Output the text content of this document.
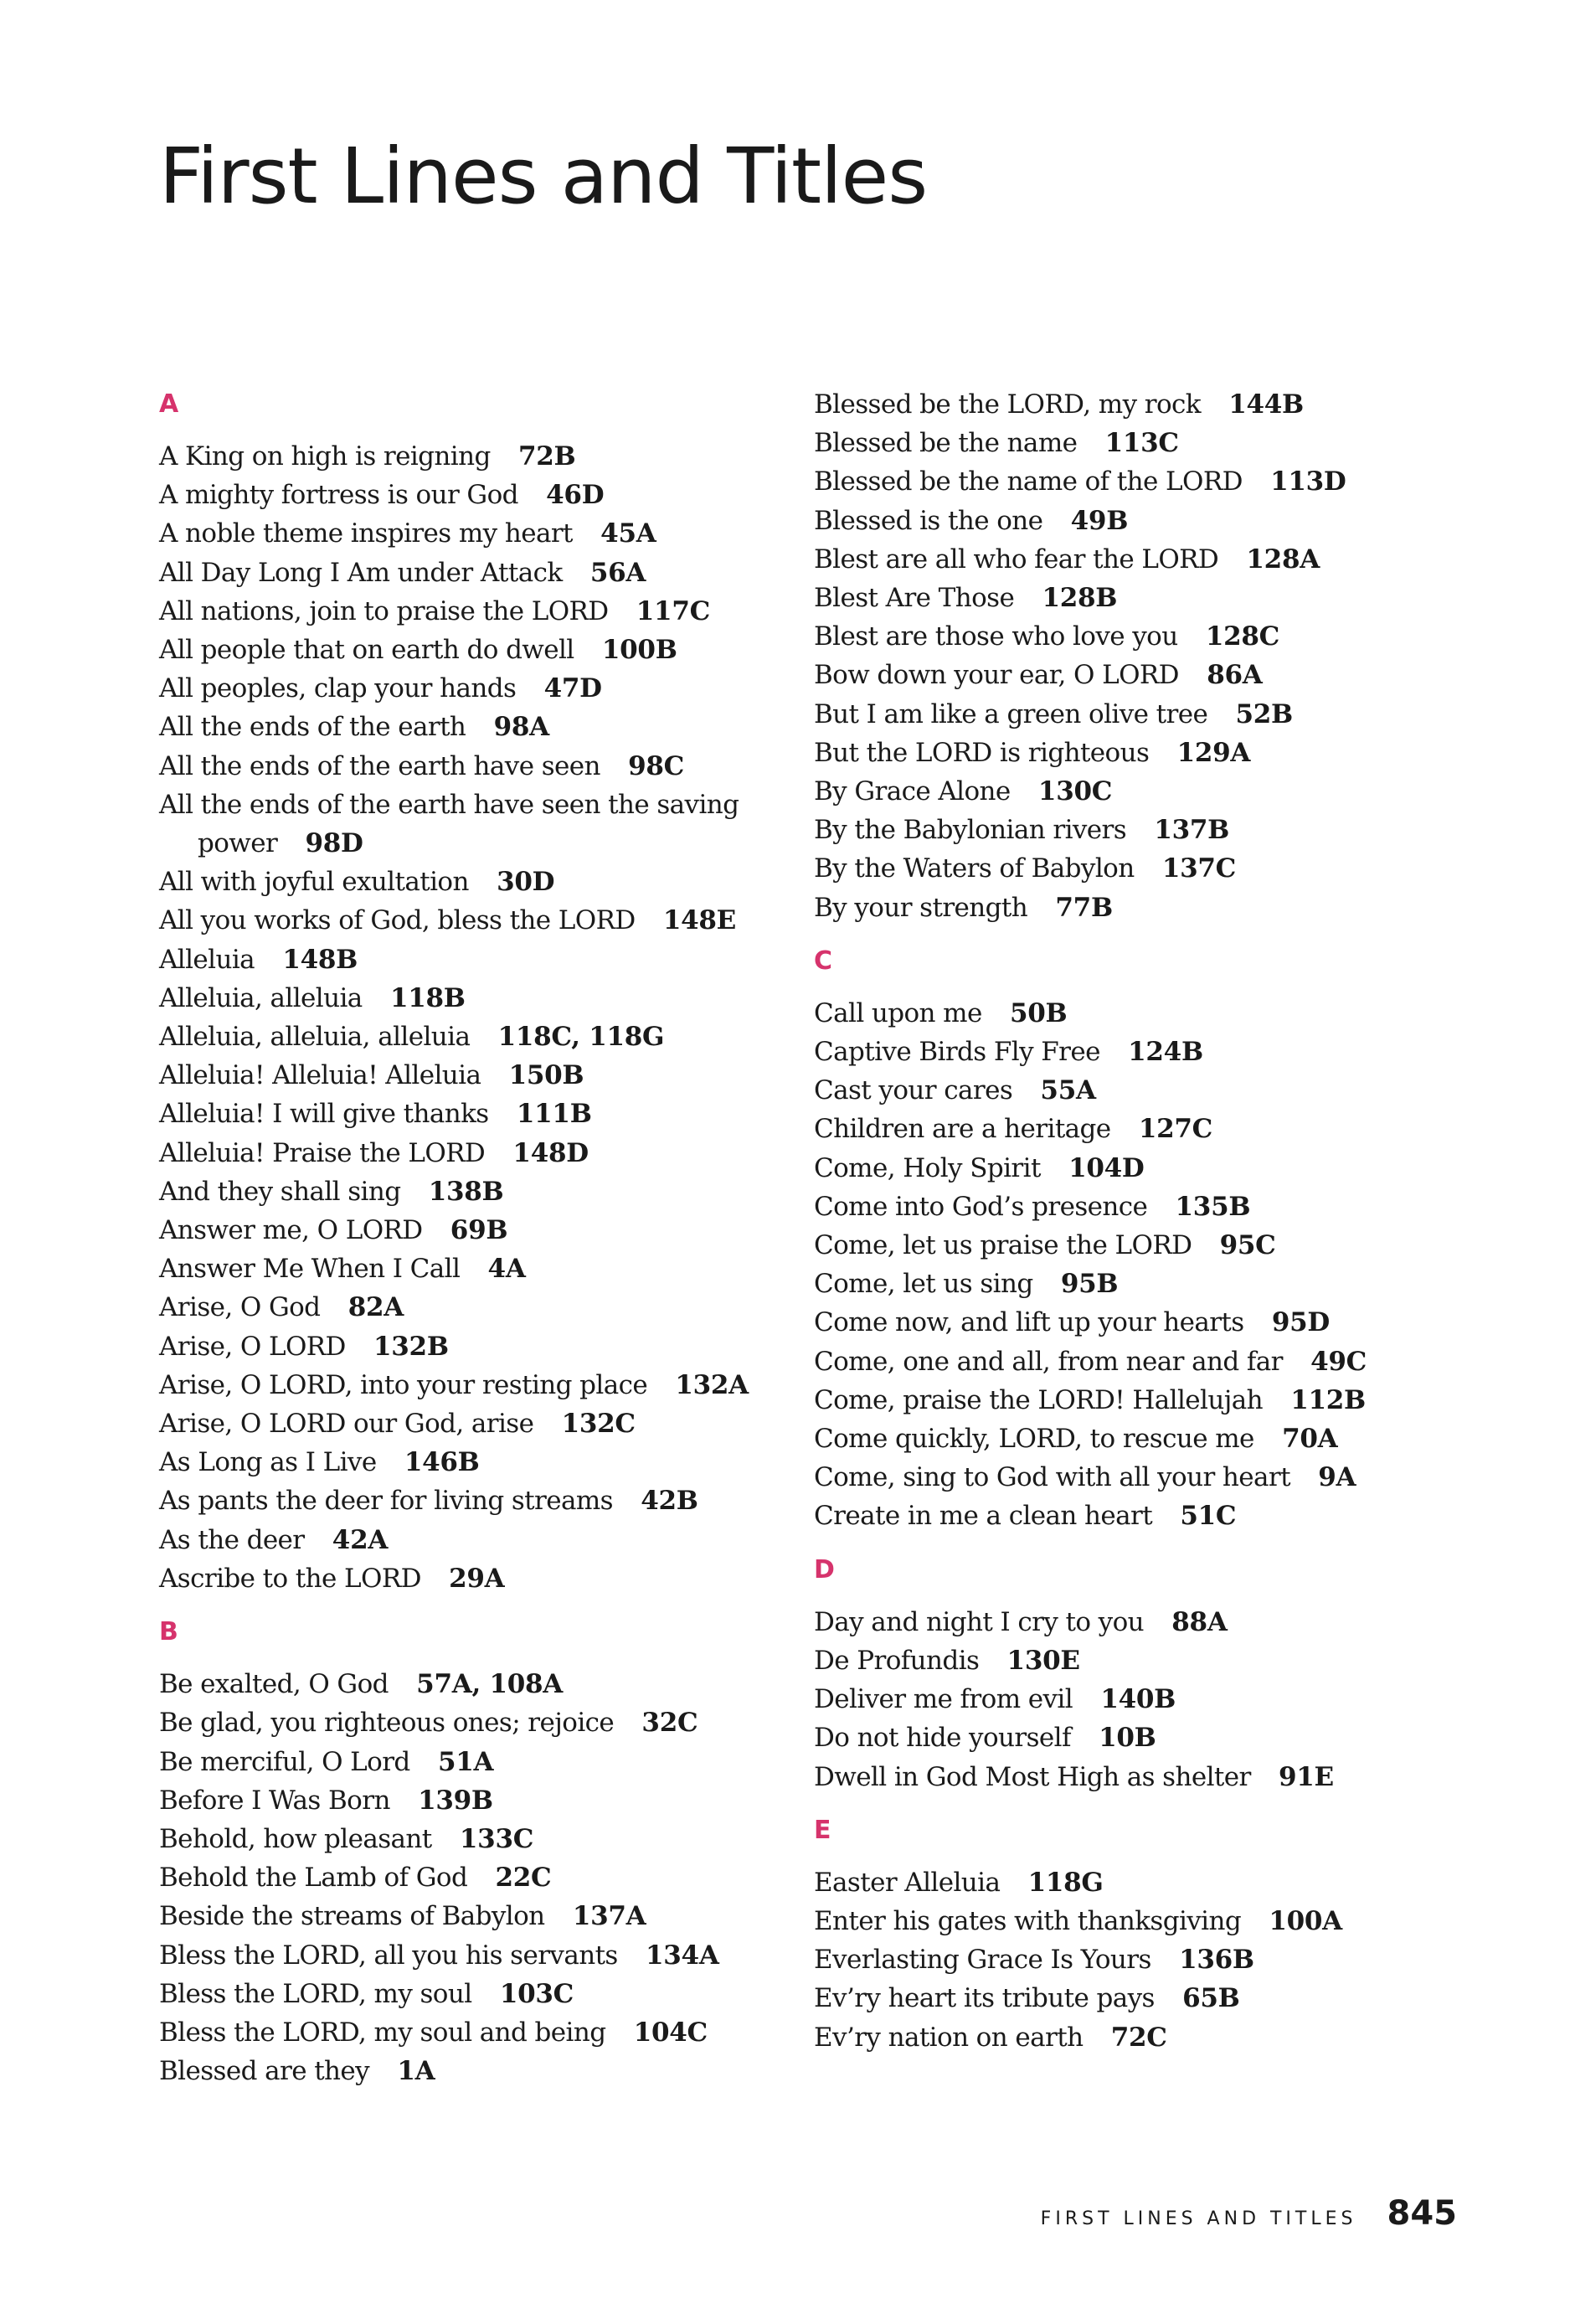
First Lines and Titles
A
A King on high is reigning 72B
A mighty fortress is our God 46D
A noble theme inspires my heart 45A
All Day Long I Am under Attack 56A
All nations, join to praise the LORD 117C
All people that on earth do dwell 100B
All peoples, clap your hands 47D
All the ends of the earth 98A
All the ends of the earth have seen 98C
All the ends of the earth have seen the saving power 98D
All with joyful exultation 30D
All you works of God, bless the LORD 148E
Alleluia 148B
Alleluia, alleluia 118B
Alleluia, alleluia, alleluia 118C, 118G
Alleluia! Alleluia! Alleluia 150B
Alleluia! I will give thanks 111B
Alleluia! Praise the LORD 148D
And they shall sing 138B
Answer me, O LORD 69B
Answer Me When I Call 4A
Arise, O God 82A
Arise, O LORD 132B
Arise, O LORD, into your resting place 132A
Arise, O LORD our God, arise 132C
As Long as I Live 146B
As pants the deer for living streams 42B
As the deer 42A
Ascribe to the LORD 29A
B
Be exalted, O God 57A, 108A
Be glad, you righteous ones; rejoice 32C
Be merciful, O Lord 51A
Before I Was Born 139B
Behold, how pleasant 133C
Behold the Lamb of God 22C
Beside the streams of Babylon 137A
Bless the LORD, all you his servants 134A
Bless the LORD, my soul 103C
Bless the LORD, my soul and being 104C
Blessed are they 1A
Blessed be the LORD, my rock 144B
Blessed be the name 113C
Blessed be the name of the LORD 113D
Blessed is the one 49B
Blest are all who fear the LORD 128A
Blest Are Those 128B
Blest are those who love you 128C
Bow down your ear, O LORD 86A
But I am like a green olive tree 52B
But the LORD is righteous 129A
By Grace Alone 130C
By the Babylonian rivers 137B
By the Waters of Babylon 137C
By your strength 77B
C
Call upon me 50B
Captive Birds Fly Free 124B
Cast your cares 55A
Children are a heritage 127C
Come, Holy Spirit 104D
Come into God’s presence 135B
Come, let us praise the LORD 95C
Come, let us sing 95B
Come now, and lift up your hearts 95D
Come, one and all, from near and far 49C
Come, praise the LORD! Hallelujah 112B
Come quickly, LORD, to rescue me 70A
Come, sing to God with all your heart 9A
Create in me a clean heart 51C
D
Day and night I cry to you 88A
De Profundis 130E
Deliver me from evil 140B
Do not hide yourself 10B
Dwell in God Most High as shelter 91E
E
Easter Alleluia 118G
Enter his gates with thanksgiving 100A
Everlasting Grace Is Yours 136B
Ev’ry heart its tribute pays 65B
Ev’ry nation on earth 72C
FIRST LINES AND TITLES 845
